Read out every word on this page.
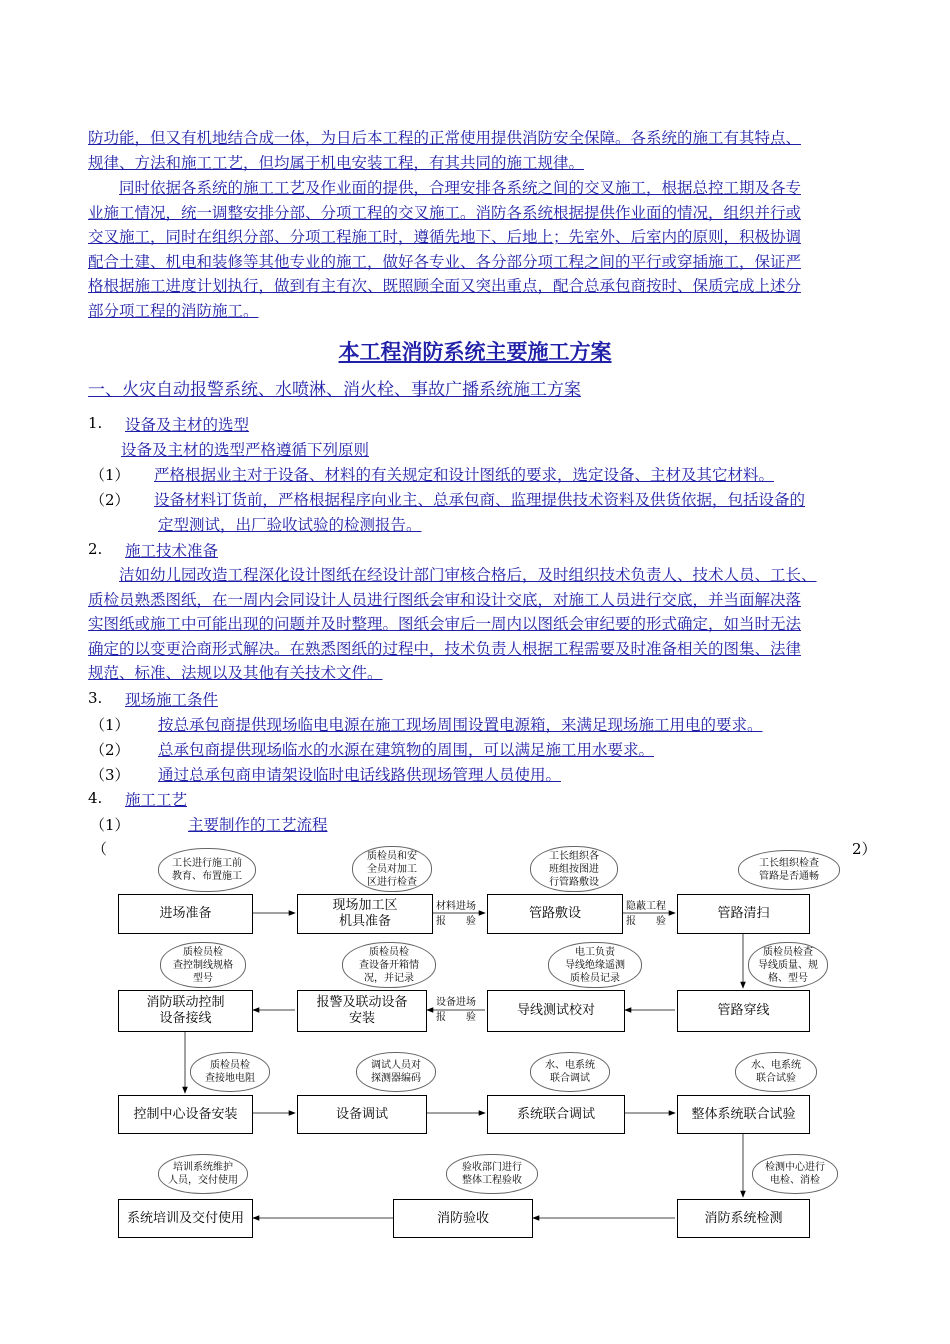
防功能，但又有机地结合成一体，为日后本工程的正常使用提供消防安全保障。各系统的施工有其特点、
规律、方法和施工工艺，但均属于机电安装工程，有其共同的施工规律。
同时依据各系统的施工工艺及作业面的提供，合理安排各系统之间的交叉施工，根据总控工期及各专
业施工情况，统一调整安排分部、分项工程的交叉施工。消防各系统根据提供作业面的情况，组织并行或
交叉施工，同时在组织分部、分项工程施工时，遵循先地下、后地上；先室外、后室内的原则，积极协调
配合土建、机电和装修等其他专业的施工，做好各专业、各分部分项工程之间的平行或穿插施工，保证严
格根据施工进度计划执行，做到有主有次、既照顾全面又突出重点，配合总承包商按时、保质完成上述分
部分项工程的消防施工。
本工程消防系统主要施工方案
一、火灾自动报警系统、水喷淋、消火栓、事故广播系统施工方案
1. 设备及主材的选型
设备及主材的选型严格遵循下列原则
（1） 严格根据业主对于设备、材料的有关规定和设计图纸的要求，选定设备、主材及其它材料。
（2） 设备材料订货前，严格根据程序向业主、总承包商、监理提供技术资料及供货依据，包括设备的
定型测试，出厂验收试验的检测报告。
2. 施工技术准备
洁如幼儿园改造工程深化设计图纸在经设计部门审核合格后，及时组织技术负责人、技术人员、工长、
质检员熟悉图纸，在一周内会同设计人员进行图纸会审和设计交底，对施工人员进行交底，并当面解决落
实图纸或施工中可能出现的问题并及时整理。图纸会审后一周内以图纸会审纪要的形式确定，如当时无法
确定的以变更洽商形式解决。在熟悉图纸的过程中，技术负责人根据工程需要及时准备相关的图集、法律
规范、标准、法规以及其他有关技术文件。
3. 现场施工条件
（1） 按总承包商提供现场临电电源在施工现场周围设置电源箱，来满足现场施工用电的要求。
（2） 总承包商提供现场临水的水源在建筑物的周围，可以满足施工用水要求。
（3） 通过总承包商申请架设临时电话线路供现场管理人员使用。
4. 施工工艺
（1）	主要制作的工艺流程
（	2）
进场准备
现场加工区
机具准备
管路敷设	管路清扫
消防联动控制
设备接线
报警及联动设备
安装
导线测试校对	管路穿线
控制中心设备安装	设备调试	系统联合调试	整体系统联合试验
系统培训及交付使用	消防验收	消防系统检测
工长进行施工前
教育、布置施工
质检员和安
全员对加工
区进行检查
工长组织各
班组按图进
行管路敷设
工长组织检查
管路是否通畅
质检员检
查控制线规格
型号
质检员检
查设备开箱情
况，并记录
电工负责
导线绝缘遥测
质检员记录
质检员检查
导线质量、规
格、型号
质检员检
查接地电阻
调试人员对
探测器编码
水、电系统
联合调试
水、电系统
联合试验
培训系统维护
人员，交付使用
验收部门进行
整体工程验收
检测中心进行
电检、消检
材料进场
报　　验
隐蔽工程
报　　验
设备进场
报　　验
